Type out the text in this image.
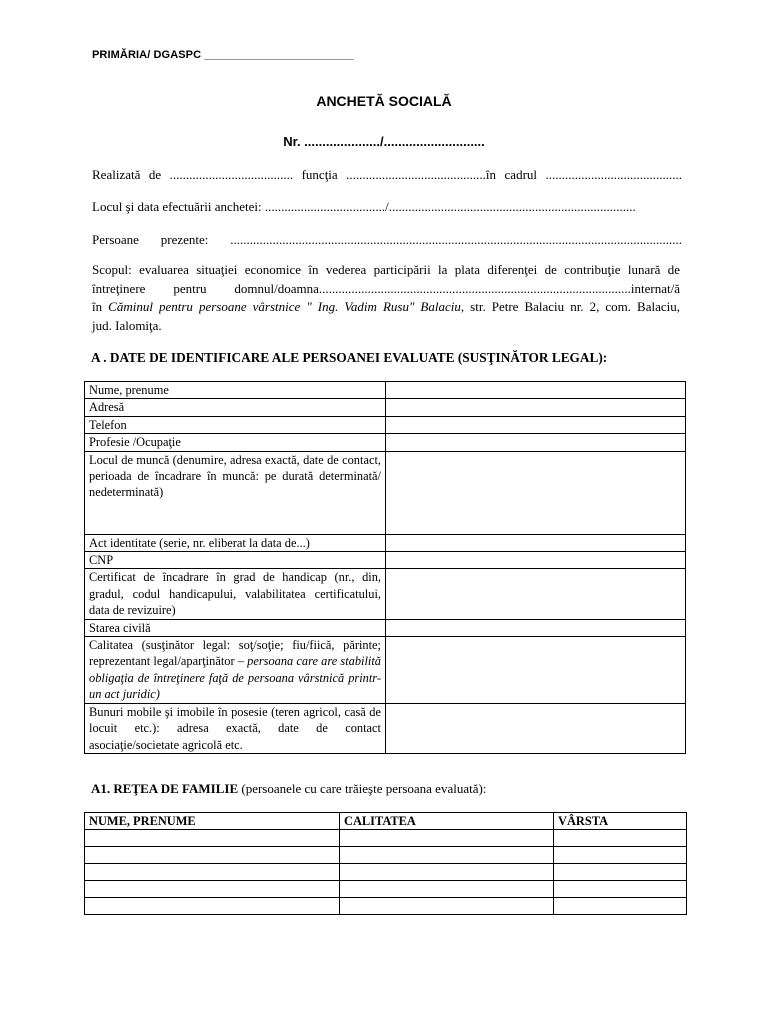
PRIMĂRIA/ DGASPC ________________________
ANCHETĂ SOCIALĂ
Nr. ...................../............................
Realizată de ...................................... funcţia ...........................................în cadrul ..........................................
Locul şi data efectuării anchetei: ...................................../............................................................................
Persoane prezente: ...........................................................................................................................................
Scopul: evaluarea situaţiei economice în vederea participării la plata diferenţei de contribuţie lunară de
întreţinere pentru domnul/doamna................................................................................................internat/ă
în Căminul pentru persoane vârstnice " Ing. Vadim Rusu" Balaciu, str. Petre Balaciu nr. 2, com. Balaciu,
jud. Ialomiţa.
A . DATE DE IDENTIFICARE ALE PERSOANEI EVALUATE (SUSŢINĂTOR LEGAL):
Nume, prenume	
Adresă	
Telefon	
Profesie /Ocupaţie	
Locul de muncă (denumire, adresa exactă, date de contact, perioada de încadrare în muncă: pe durată determinată/ nedeterminată)	
Act identitate (serie, nr. eliberat la data de...)	
CNP	
Certificat de încadrare în grad de handicap (nr., din, gradul, codul handicapului, valabilitatea certificatului, data de revizuire)	
Starea civilă	
Calitatea (susţinător legal: soţ/soţie; fiu/fiică, părinte; reprezentant legal/aparţinător – persoana care are stabilită obligaţia de întreţinere faţă de persoana vârstnică printr-un act juridic)	
Bunuri mobile şi imobile în posesie (teren agricol, casă de locuit etc.): adresa exactă, date de contact asociaţie/societate agricolă etc.	
A1. REŢEA DE FAMILIE (persoanele cu care trăieşte persoana evaluată):
NUME, PRENUME	CALITATEA	VÂRSTA
